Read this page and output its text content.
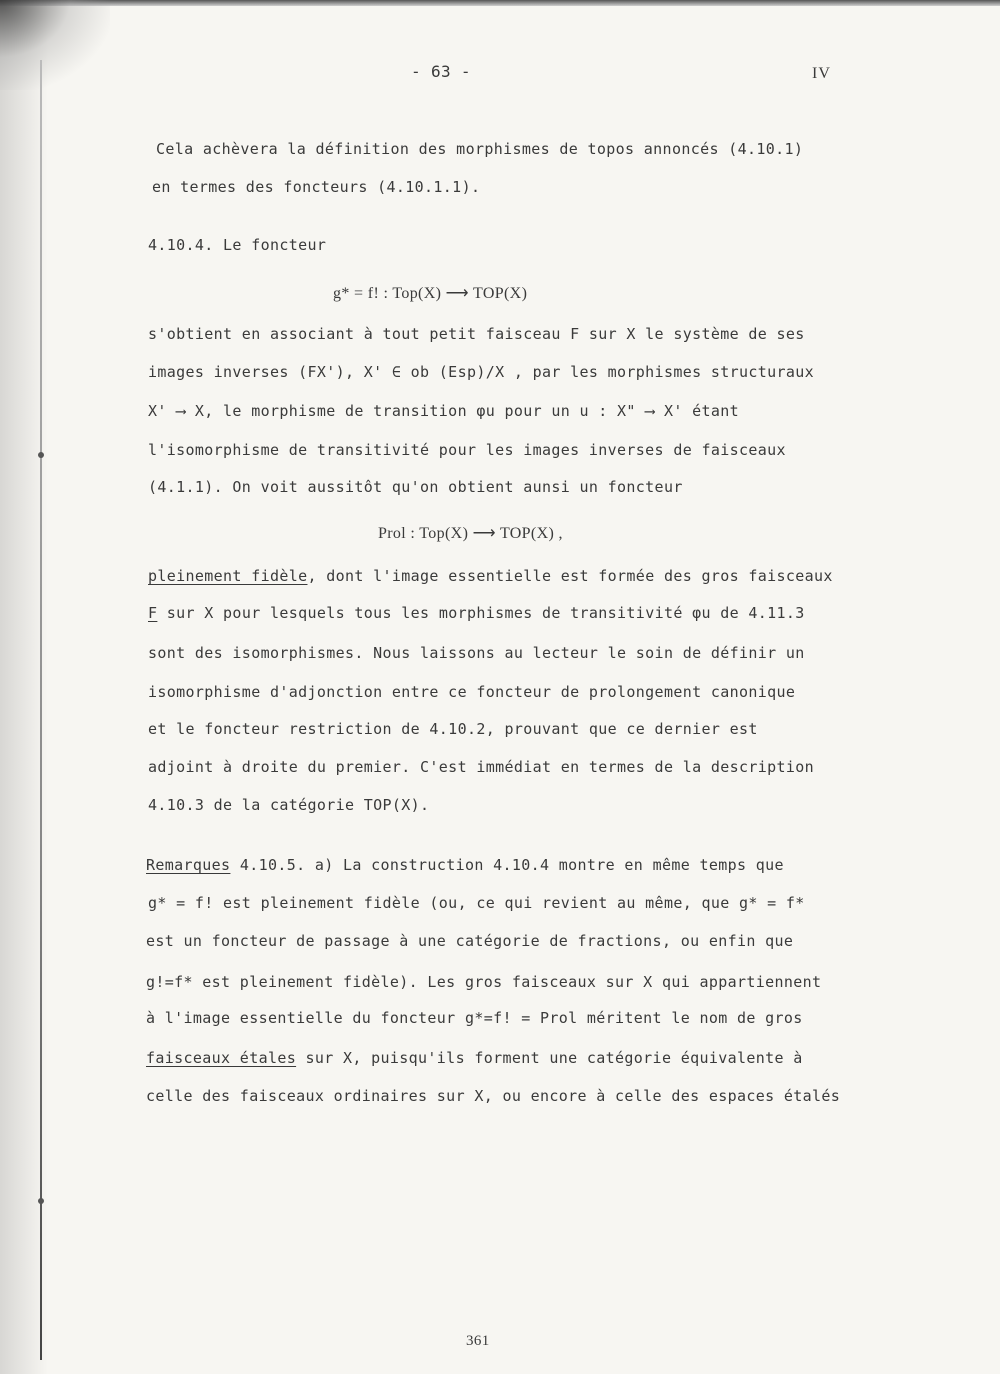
- 63 -	IV
Cela achèvera la définition des morphismes de topos annoncés (4.10.1)
en termes des foncteurs (4.10.1.1).
4.10.4. Le foncteur
g* = f! : Top(X) ⟶ TOP(X)
s'obtient en associant à tout petit faisceau F sur X le système de ses
images inverses (FX'), X' ∈ ob (Esp)/X , par les morphismes structuraux
X' ⟶ X, le morphisme de transition φu pour un u : X" ⟶ X' étant
l'isomorphisme de transitivité pour les images inverses de faisceaux
(4.1.1). On voit aussitôt qu'on obtient aunsi un foncteur
Prol : Top(X) ⟶ TOP(X) ,
pleinement fidèle, dont l'image essentielle est formée des gros faisceaux
F sur X pour lesquels tous les morphismes de transitivité φu de 4.11.3
sont des isomorphismes. Nous laissons au lecteur le soin de définir un
isomorphisme d'adjonction entre ce foncteur de prolongement canonique
et le foncteur restriction de 4.10.2, prouvant que ce dernier est
adjoint à droite du premier. C'est immédiat en termes de la description
4.10.3 de la catégorie TOP(X).
Remarques 4.10.5. a) La construction 4.10.4 montre en même temps que
g* = f! est pleinement fidèle (ou, ce qui revient au même, que g* = f*
est un foncteur de passage à une catégorie de fractions, ou enfin que
g!=f* est pleinement fidèle). Les gros faisceaux sur X qui appartiennent
à l'image essentielle du foncteur g*=f! = Prol méritent le nom de gros
faisceaux étales sur X, puisqu'ils forment une catégorie équivalente à
celle des faisceaux ordinaires sur X, ou encore à celle des espaces étalés
361
